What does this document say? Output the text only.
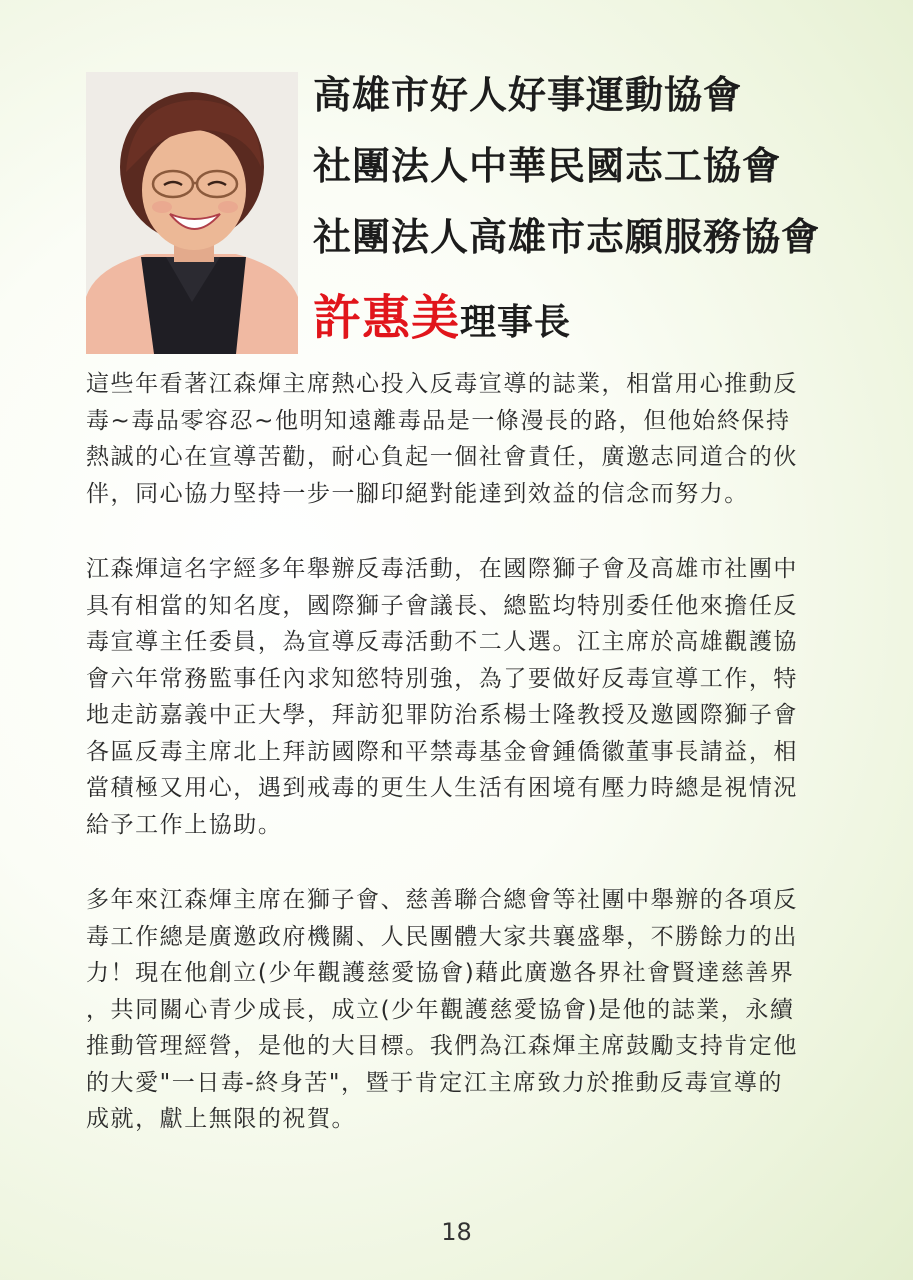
高雄市好人好事運動協會
社團法人中華民國志工協會
社團法人高雄市志願服務協會
許惠美理事長
這些年看著江森煇主席熱心投入反毒宣導的誌業，相當用心推動反
毒~毒品零容忍~他明知遠離毒品是一條漫長的路，但他始終保持
熱誠的心在宣導苦勸，耐心負起一個社會責任，廣邀志同道合的伙
伴，同心協力堅持一步一腳印絕對能達到效益的信念而努力。
江森煇這名字經多年舉辦反毒活動，在國際獅子會及高雄市社團中
具有相當的知名度，國際獅子會議長、總監均特別委任他來擔任反
毒宣導主任委員，為宣導反毒活動不二人選。江主席於高雄觀護協
會六年常務監事任內求知慾特別強，為了要做好反毒宣導工作，特
地走訪嘉義中正大學，拜訪犯罪防治系楊士隆教授及邀國際獅子會
各區反毒主席北上拜訪國際和平禁毒基金會鍾僑徽董事長請益，相
當積極又用心，遇到戒毒的更生人生活有困境有壓力時總是視情況
給予工作上協助。
多年來江森煇主席在獅子會、慈善聯合總會等社團中舉辦的各項反
毒工作總是廣邀政府機關、人民團體大家共襄盛舉，不勝餘力的出
力！現在他創立(少年觀護慈愛協會)藉此廣邀各界社會賢達慈善界
，共同關心青少成長，成立(少年觀護慈愛協會)是他的誌業，永續
推動管理經營，是他的大目標。我們為江森煇主席鼓勵支持肯定他
的大愛"一日毒-終身苦"，暨于肯定江主席致力於推動反毒宣導的
成就，獻上無限的祝賀。
18
